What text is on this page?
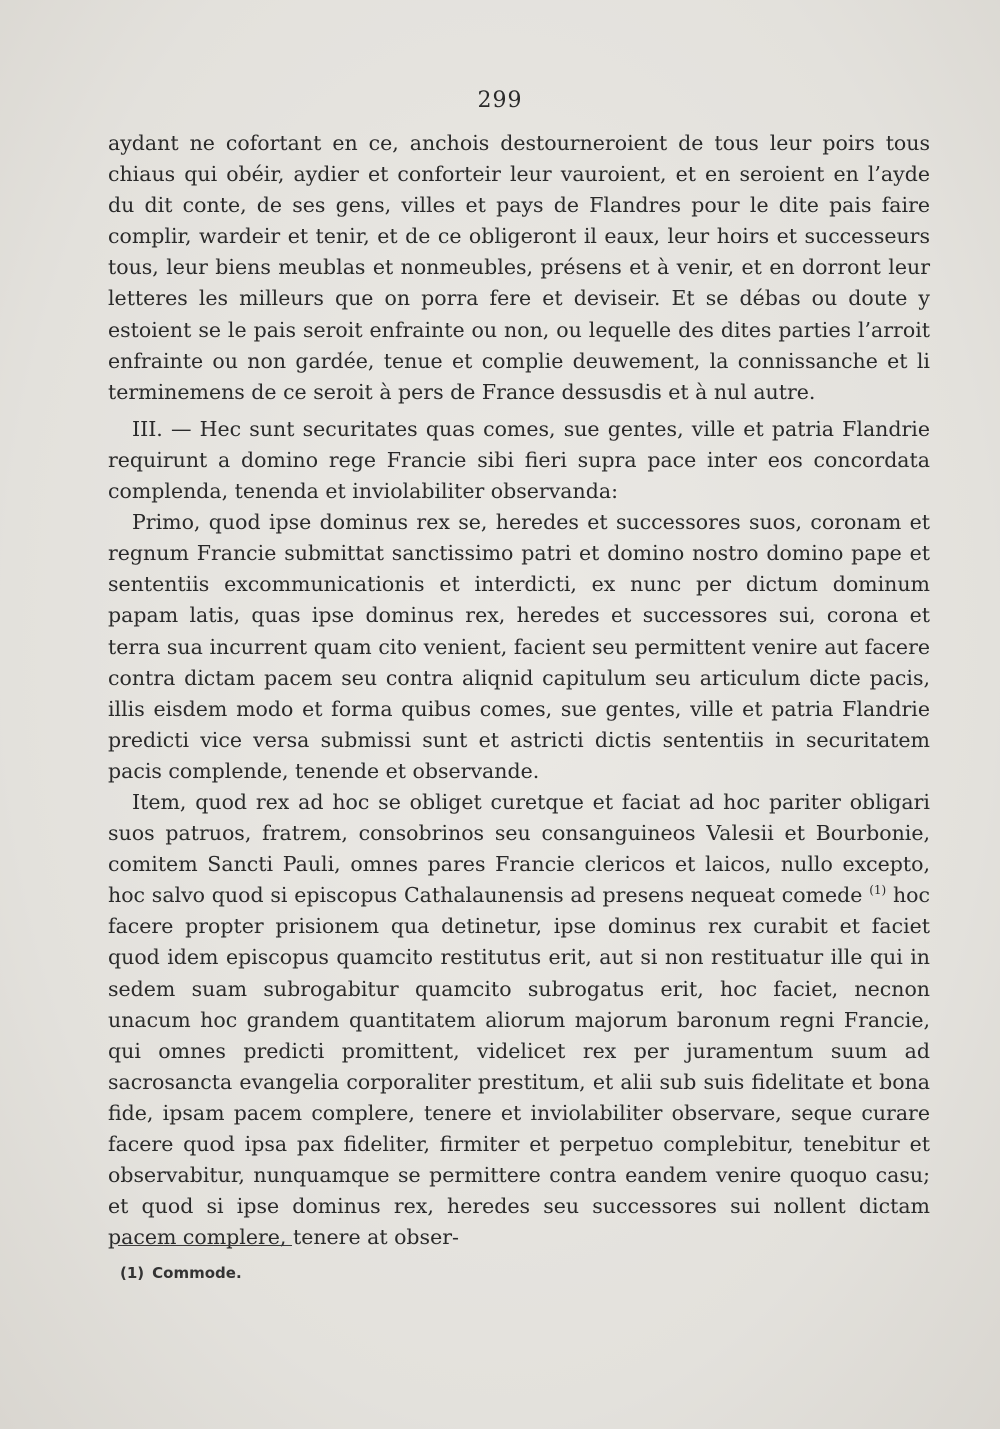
299

aydant ne cofortant en ce, anchois destourneroient de tous leur poirs tous chiaus qui obéir, aydier et conforteir leur vauroient, et en seroient en l’ayde du dit conte, de ses gens, villes et pays de Flandres pour le dite pais faire complir, wardeir et tenir, et de ce obligeront il eaux, leur hoirs et successeurs tous, leur biens meublas et nonmeubles, présens et à venir, et en dorront leur letteres les milleurs que on porra fere et deviseir. Et se débas ou doute y estoient se le pais seroit enfrainte ou non, ou lequelle des dites parties l’arroit enfrainte ou non gardée, tenue et complie deuwement, la connissanche et li terminemens de ce seroit à pers de France dessusdis et à nul autre.

III. — Hec sunt securitates quas comes, sue gentes, ville et patria Flandrie requirunt a domino rege Francie sibi fieri supra pace inter eos concordata complenda, tenenda et inviolabiliter observanda:

Primo, quod ipse dominus rex se, heredes et successores suos, coronam et regnum Francie submittat sanctissimo patri et domino nostro domino pape et sententiis excommunicationis et interdicti, ex nunc per dictum dominum papam latis, quas ipse dominus rex, heredes et successores sui, corona et terra sua incurrent quam cito venient, facient seu permittent venire aut facere contra dictam pacem seu contra aliqnid capitulum seu articulum dicte pacis, illis eisdem modo et forma quibus comes, sue gentes, ville et patria Flandrie predicti vice versa submissi sunt et astricti dictis sententiis in securitatem pacis complende, tenende et observande.

Item, quod rex ad hoc se obliget curetque et faciat ad hoc pariter obligari suos patruos, fratrem, consobrinos seu consanguineos Valesii et Bourbonie, comitem Sancti Pauli, omnes pares Francie clericos et laicos, nullo excepto, hoc salvo quod si episcopus Cathalaunensis ad presens nequeat comede $^{(1)}$ hoc facere propter prisionem qua detinetur, ipse dominus rex curabit et faciet quod idem episcopus quamcito restitutus erit, aut si non restituatur ille qui in sedem suam subrogabitur quamcito subrogatus erit, hoc faciet, necnon unacum hoc grandem quantitatem aliorum majorum baronum regni Francie, qui omnes predicti promittent, videlicet rex per juramentum suum ad sacrosancta evangelia corporaliter prestitum, et alii sub suis fidelitate et bona fide, ipsam pacem complere, tenere et inviolabiliter observare, seque curare facere quod ipsa pax fideliter, firmiter et perpetuo complebitur, tenebitur et observabitur, nunquamque se permittere contra eandem venire quoquo casu; et quod si ipse dominus rex, heredes seu successores sui nollent dictam pacem complere, tenere at obser-

(1) Commode.
